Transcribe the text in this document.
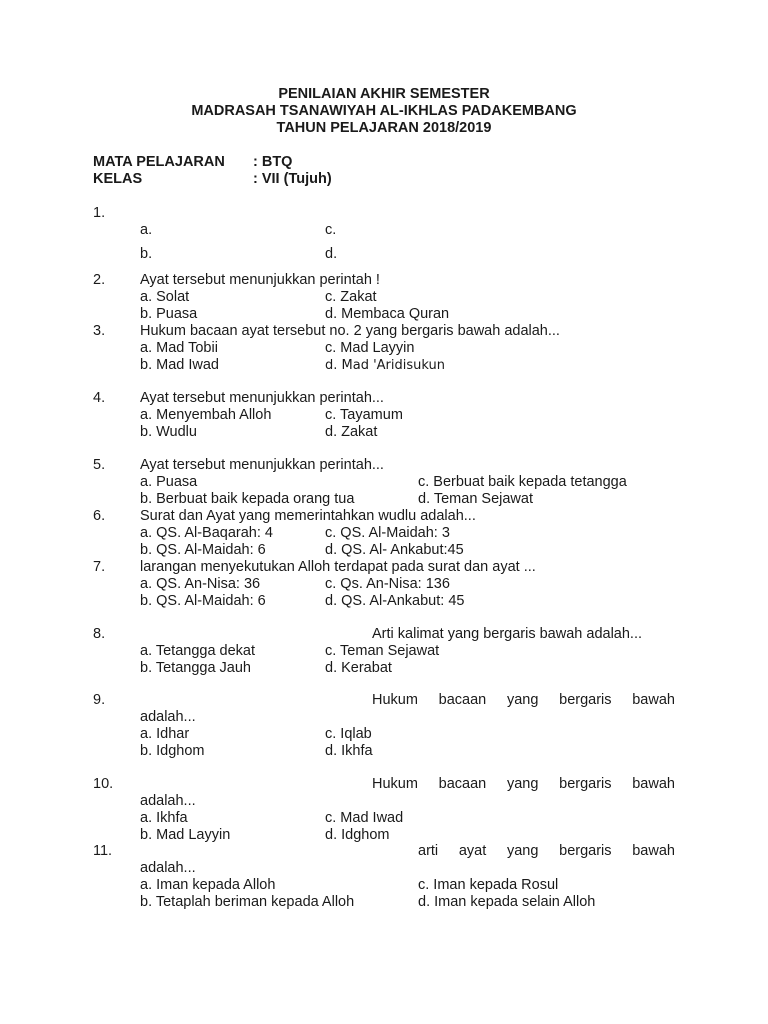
PENILAIAN AKHIR SEMESTER
MADRASAH TSANAWIYAH AL-IKHLAS PADAKEMBANG
TAHUN PELAJARAN 2018/2019
MATA PELAJARAN : BTQ
KELAS	: VII (Tujuh)
1.
a.	c.
b.	d.
2. Ayat tersebut menunjukkan perintah !
a. Solat	c. Zakat
b. Puasa	d. Membaca Quran
3. Hukum bacaan ayat tersebut no. 2 yang bergaris bawah adalah...
a. Mad Tobii	c. Mad Layyin
b. Mad Iwad	d. Mad 'Aridisukun
4. Ayat tersebut menunjukkan perintah...
a. Menyembah Alloh	c. Tayamum
b. Wudlu	d. Zakat
5. Ayat tersebut menunjukkan perintah...
a. Puasa	c. Berbuat baik kepada tetangga
b. Berbuat baik kepada orang tua	d. Teman Sejawat
6. Surat dan Ayat yang memerintahkan wudlu adalah...
a. QS. Al-Baqarah: 4	c. QS. Al-Maidah: 3
b. QS. Al-Maidah: 6	d. QS. Al- Ankabut:45
7. larangan menyekutukan Alloh terdapat pada surat dan ayat ...
a. QS. An-Nisa: 36	c. Qs. An-Nisa: 136
b. QS. Al-Maidah: 6	d. QS. Al-Ankabut: 45
8.	Arti kalimat yang bergaris bawah adalah...
a. Tetangga dekat	c. Teman Sejawat
b. Tetangga Jauh	d. Kerabat
9.	Hukum bacaan yang bergaris bawah
adalah...
a. Idhar	c. Iqlab
b. Idghom	d. Ikhfa
10.	Hukum bacaan yang bergaris bawah
adalah...
a. Ikhfa	c. Mad Iwad
b. Mad Layyin	d. Idghom
11.	arti ayat yang bergaris bawah
adalah...
a. Iman kepada Alloh	c. Iman kepada Rosul
b. Tetaplah beriman kepada Alloh	d. Iman kepada selain Alloh
